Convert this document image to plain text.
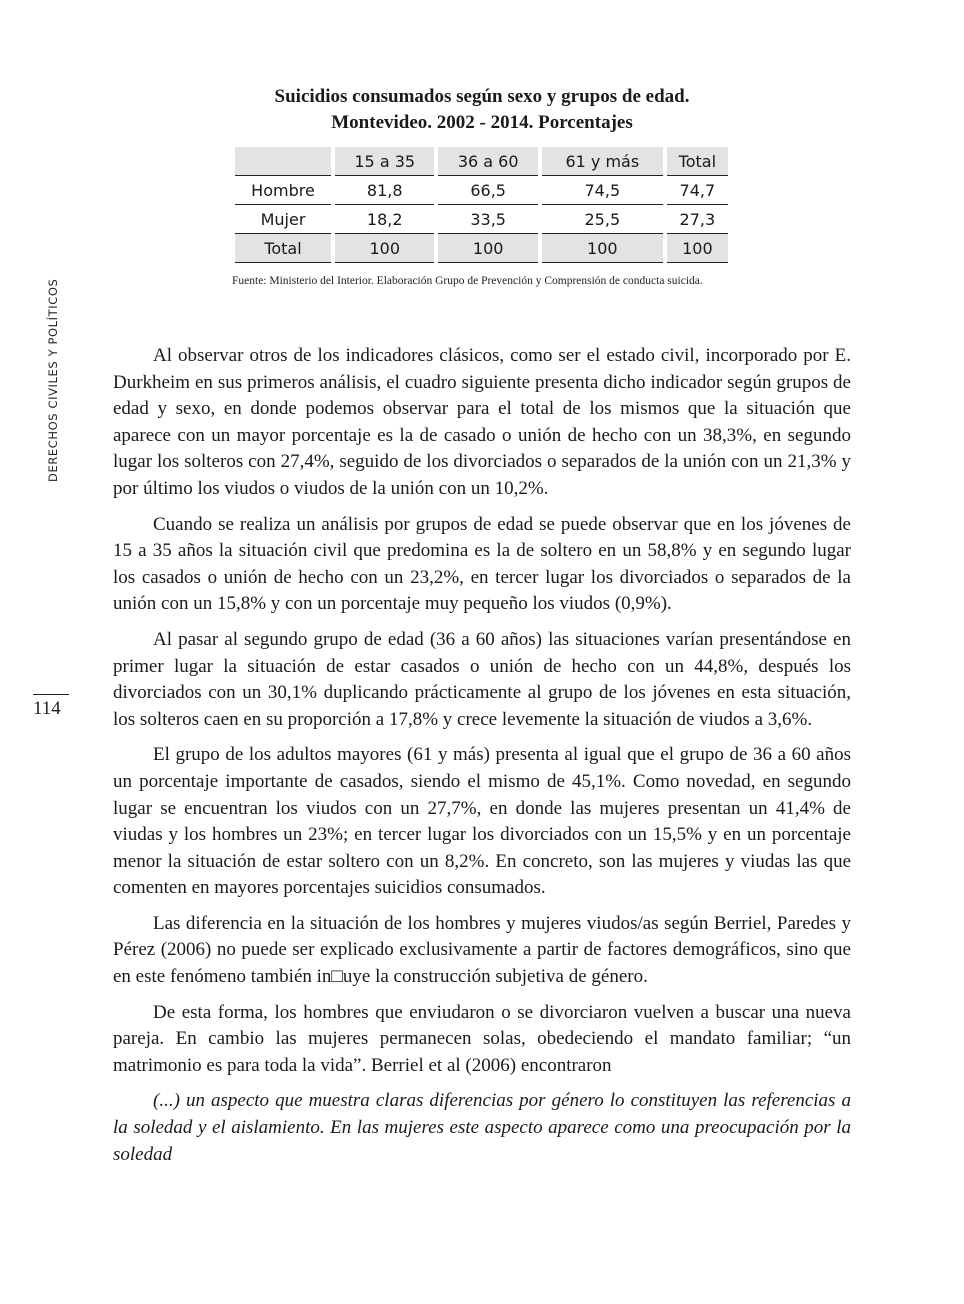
DERECHOS CIVILES Y POLÍTICOS
114
Suicidios consumados según sexo y grupos de edad.
Montevideo. 2002 - 2014. Porcentajes
	15 a 35	36 a 60	61 y más	Total
Hombre	81,8	66,5	74,5	74,7
Mujer	18,2	33,5	25,5	27,3
Total	100	100	100	100
Fuente: Ministerio del Interior. Elaboración Grupo de Prevención y Comprensión de conducta suicida.

Al observar otros de los indicadores clásicos, como ser el estado civil, incorporado por E. Durkheim en sus primeros análisis, el cuadro siguiente presenta dicho indicador según grupos de edad y sexo, en donde podemos observar para el total de los mismos que la situación que aparece con un mayor porcentaje es la de casado o unión de hecho con un 38,3%, en segundo lugar los solteros con 27,4%, seguido de los divorciados o separados de la unión con un 21,3% y por último los viudos o viudos de la unión con un 10,2%.

Cuando se realiza un análisis por grupos de edad se puede observar que en los jóvenes de 15 a 35 años la situación civil que predomina es la de soltero en un 58,8% y en segundo lugar los casados o unión de hecho con un 23,2%, en tercer lugar los divorciados o separados de la unión con un 15,8% y con un porcentaje muy pequeño los viudos (0,9%).

Al pasar al segundo grupo de edad (36 a 60 años) las situaciones varían presentándose en primer lugar la situación de estar casados o unión de hecho con un 44,8%, después los divorciados con un 30,1% duplicando prácticamente al grupo de los jóvenes en esta situación, los solteros caen en su proporción a 17,8% y crece levemente la situación de viudos a 3,6%.

El grupo de los adultos mayores (61 y más) presenta al igual que el grupo de 36 a 60 años un porcentaje importante de casados, siendo el mismo de 45,1%. Como novedad, en segundo lugar se encuentran los viudos con un 27,7%, en donde las mujeres presentan un 41,4% de viudas y los hombres un 23%; en tercer lugar los divorciados con un 15,5% y en un porcentaje menor la situación de estar soltero con un 8,2%. En concreto, son las mujeres y viudas las que comenten en mayores porcentajes suicidios consumados.

Las diferencia en la situación de los hombres y mujeres viudos/as según Berriel, Paredes y Pérez (2006) no puede ser explicado exclusivamente a partir de factores demográficos, sino que en este fenómeno también in□uye la construcción subjetiva de género.

De esta forma, los hombres que enviudaron o se divorciaron vuelven a buscar una nueva pareja. En cambio las mujeres permanecen solas, obedeciendo el mandato familiar; “un matrimonio es para toda la vida”. Berriel et al (2006) encontraron

(...) un aspecto que muestra claras diferencias por género lo constituyen las referencias a la soledad y el aislamiento. En las mujeres este aspecto aparece como una preocupación por la soledad
